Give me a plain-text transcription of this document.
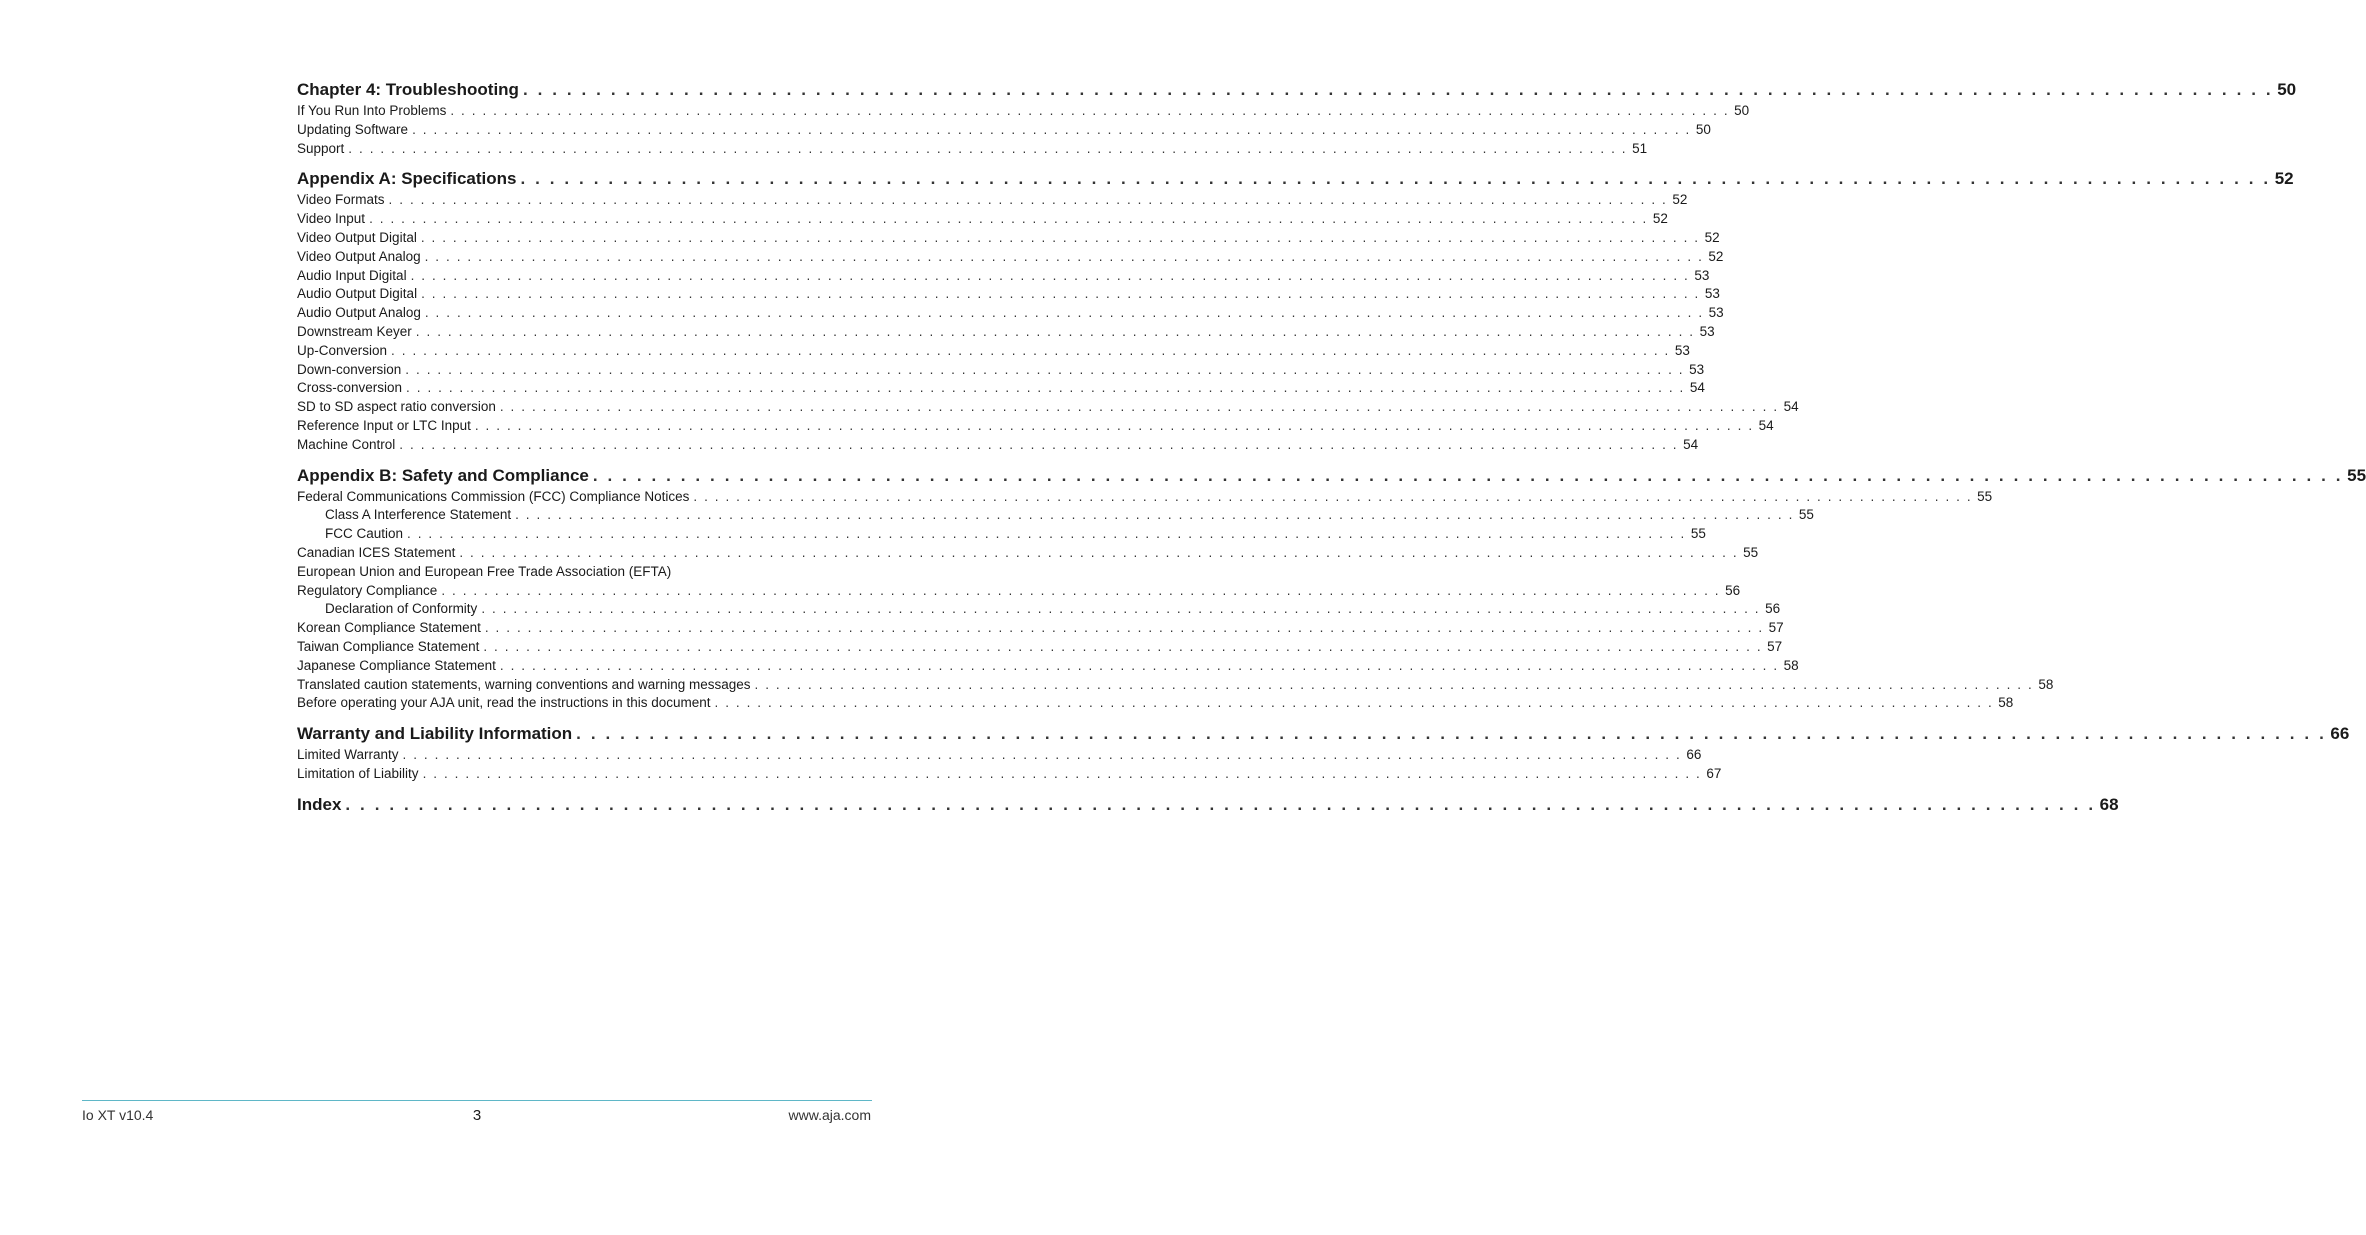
Chapter 4: Troubleshooting . . . . . . . . . . . . . . . . . . . . . . . . . . . . . . . . . . . . . . . . . . . . . . . . . . . . . . . . . . . . . . . . . . . . . . . . . . . . . . . . . . . . . . . . . . . . . . . . . . . . . . . . . . . . . . . . . . . . . . . . 50
If You Run Into Problems . . . . . . . . . . . . . . . . . . . . . . . . . . . . . . . . . . . . . . . . . . . . . . . . . . . . . . . . . . . . . . . . . . . . . . . . . . . . . . . . . . . . . . . . . . . . . . . . . . . . . . . . . . . . . . . . . . . . . . . . 50
Updating Software . . . . . . . . . . . . . . . . . . . . . . . . . . . . . . . . . . . . . . . . . . . . . . . . . . . . . . . . . . . . . . . . . . . . . . . . . . . . . . . . . . . . . . . . . . . . . . . . . . . . . . . . . . . . . . . . . . . . . . . . 50
Support . . . . . . . . . . . . . . . . . . . . . . . . . . . . . . . . . . . . . . . . . . . . . . . . . . . . . . . . . . . . . . . . . . . . . . . . . . . . . . . . . . . . . . . . . . . . . . . . . . . . . . . . . . . . . . . . . . . . . . . . 51
Appendix A: Specifications . . . . . . . . . . . . . . . . . . . . . . . . . . . . . . . . . . . . . . . . . . . . . . . . . . . . . . . . . . . . . . . . . . . . . . . . . . . . . . . . . . . . . . . . . . . . . . . . . . . . . . . . . . . . . . . . . . . . . . . . 52
Video Formats . . . . . . . . . . . . . . . . . . . . . . . . . . . . . . . . . . . . . . . . . . . . . . . . . . . . . . . . . . . . . . . . . . . . . . . . . . . . . . . . . . . . . . . . . . . . . . . . . . . . . . . . . . . . . . . . . . . . . . . . 52
Video Input . . . . . . . . . . . . . . . . . . . . . . . . . . . . . . . . . . . . . . . . . . . . . . . . . . . . . . . . . . . . . . . . . . . . . . . . . . . . . . . . . . . . . . . . . . . . . . . . . . . . . . . . . . . . . . . . . . . . . . . . 52
Video Output Digital . . . . . . . . . . . . . . . . . . . . . . . . . . . . . . . . . . . . . . . . . . . . . . . . . . . . . . . . . . . . . . . . . . . . . . . . . . . . . . . . . . . . . . . . . . . . . . . . . . . . . . . . . . . . . . . . . . . . . . . . 52
Video Output Analog . . . . . . . . . . . . . . . . . . . . . . . . . . . . . . . . . . . . . . . . . . . . . . . . . . . . . . . . . . . . . . . . . . . . . . . . . . . . . . . . . . . . . . . . . . . . . . . . . . . . . . . . . . . . . . . . . . . . . . . . 52
Audio Input Digital . . . . . . . . . . . . . . . . . . . . . . . . . . . . . . . . . . . . . . . . . . . . . . . . . . . . . . . . . . . . . . . . . . . . . . . . . . . . . . . . . . . . . . . . . . . . . . . . . . . . . . . . . . . . . . . . . . . . . . . . 53
Audio Output Digital . . . . . . . . . . . . . . . . . . . . . . . . . . . . . . . . . . . . . . . . . . . . . . . . . . . . . . . . . . . . . . . . . . . . . . . . . . . . . . . . . . . . . . . . . . . . . . . . . . . . . . . . . . . . . . . . . . . . . . . . 53
Audio Output Analog . . . . . . . . . . . . . . . . . . . . . . . . . . . . . . . . . . . . . . . . . . . . . . . . . . . . . . . . . . . . . . . . . . . . . . . . . . . . . . . . . . . . . . . . . . . . . . . . . . . . . . . . . . . . . . . . . . . . . . . . 53
Downstream Keyer . . . . . . . . . . . . . . . . . . . . . . . . . . . . . . . . . . . . . . . . . . . . . . . . . . . . . . . . . . . . . . . . . . . . . . . . . . . . . . . . . . . . . . . . . . . . . . . . . . . . . . . . . . . . . . . . . . . . . . . . 53
Up-Conversion . . . . . . . . . . . . . . . . . . . . . . . . . . . . . . . . . . . . . . . . . . . . . . . . . . . . . . . . . . . . . . . . . . . . . . . . . . . . . . . . . . . . . . . . . . . . . . . . . . . . . . . . . . . . . . . . . . . . . . . . 53
Down-conversion . . . . . . . . . . . . . . . . . . . . . . . . . . . . . . . . . . . . . . . . . . . . . . . . . . . . . . . . . . . . . . . . . . . . . . . . . . . . . . . . . . . . . . . . . . . . . . . . . . . . . . . . . . . . . . . . . . . . . . . . 53
Cross-conversion . . . . . . . . . . . . . . . . . . . . . . . . . . . . . . . . . . . . . . . . . . . . . . . . . . . . . . . . . . . . . . . . . . . . . . . . . . . . . . . . . . . . . . . . . . . . . . . . . . . . . . . . . . . . . . . . . . . . . . . . 54
SD to SD aspect ratio conversion . . . . . . . . . . . . . . . . . . . . . . . . . . . . . . . . . . . . . . . . . . . . . . . . . . . . . . . . . . . . . . . . . . . . . . . . . . . . . . . . . . . . . . . . . . . . . . . . . . . . . . . . . . . . . . . . . . . . . . . . 54
Reference Input or LTC Input . . . . . . . . . . . . . . . . . . . . . . . . . . . . . . . . . . . . . . . . . . . . . . . . . . . . . . . . . . . . . . . . . . . . . . . . . . . . . . . . . . . . . . . . . . . . . . . . . . . . . . . . . . . . . . . . . . . . . . . . 54
Machine Control . . . . . . . . . . . . . . . . . . . . . . . . . . . . . . . . . . . . . . . . . . . . . . . . . . . . . . . . . . . . . . . . . . . . . . . . . . . . . . . . . . . . . . . . . . . . . . . . . . . . . . . . . . . . . . . . . . . . . . . . 54
Appendix B: Safety and Compliance . . . . . . . . . . . . . . . . . . . . . . . . . . . . . . . . . . . . . . . . . . . . . . . . . . . . . . . . . . . . . . . . . . . . . . . . . . . . . . . . . . . . . . . . . . . . . . . . . . . . . . . . . . . . . . . . . . . . . . . . 55
Federal Communications Commission (FCC) Compliance Notices . . . . . . . . . . . . . . . . . . . . . . . . . . . . . . . . . . . . . . . . . . . . . . . . . . . . . . . . . . . . . . . . . . . . . . . . . . . . . . . . . . . . . . . . . . . . . . . . . . . . . . . . . . . . . . . . . . . . . . . . 55
Class A Interference Statement . . . . . . . . . . . . . . . . . . . . . . . . . . . . . . . . . . . . . . . . . . . . . . . . . . . . . . . . . . . . . . . . . . . . . . . . . . . . . . . . . . . . . . . . . . . . . . . . . . . . . . . . . . . . . . . . . . . . . . . . 55
FCC Caution . . . . . . . . . . . . . . . . . . . . . . . . . . . . . . . . . . . . . . . . . . . . . . . . . . . . . . . . . . . . . . . . . . . . . . . . . . . . . . . . . . . . . . . . . . . . . . . . . . . . . . . . . . . . . . . . . . . . . . . . 55
Canadian ICES Statement . . . . . . . . . . . . . . . . . . . . . . . . . . . . . . . . . . . . . . . . . . . . . . . . . . . . . . . . . . . . . . . . . . . . . . . . . . . . . . . . . . . . . . . . . . . . . . . . . . . . . . . . . . . . . . . . . . . . . . . . 55
European Union and European Free Trade Association (EFTA)
Regulatory Compliance . . . . . . . . . . . . . . . . . . . . . . . . . . . . . . . . . . . . . . . . . . . . . . . . . . . . . . . . . . . . . . . . . . . . . . . . . . . . . . . . . . . . . . . . . . . . . . . . . . . . . . . . . . . . . . . . . . . . . . . . 56
Declaration of Conformity . . . . . . . . . . . . . . . . . . . . . . . . . . . . . . . . . . . . . . . . . . . . . . . . . . . . . . . . . . . . . . . . . . . . . . . . . . . . . . . . . . . . . . . . . . . . . . . . . . . . . . . . . . . . . . . . . . . . . . . . 56
Korean Compliance Statement . . . . . . . . . . . . . . . . . . . . . . . . . . . . . . . . . . . . . . . . . . . . . . . . . . . . . . . . . . . . . . . . . . . . . . . . . . . . . . . . . . . . . . . . . . . . . . . . . . . . . . . . . . . . . . . . . . . . . . . . 57
Taiwan Compliance Statement . . . . . . . . . . . . . . . . . . . . . . . . . . . . . . . . . . . . . . . . . . . . . . . . . . . . . . . . . . . . . . . . . . . . . . . . . . . . . . . . . . . . . . . . . . . . . . . . . . . . . . . . . . . . . . . . . . . . . . . . 57
Japanese Compliance Statement . . . . . . . . . . . . . . . . . . . . . . . . . . . . . . . . . . . . . . . . . . . . . . . . . . . . . . . . . . . . . . . . . . . . . . . . . . . . . . . . . . . . . . . . . . . . . . . . . . . . . . . . . . . . . . . . . . . . . . . . 58
Translated caution statements, warning conventions and warning messages . . . . . . . . . . . . . . . . . . . . . . . . . . . . . . . . . . . . . . . . . . . . . . . . . . . . . . . . . . . . . . . . . . . . . . . . . . . . . . . . . . . . . . . . . . . . . . . . . . . . . . . . . . . . . . . . . . . . . . . . 58
Before operating your AJA unit, read the instructions in this document . . . . . . . . . . . . . . . . . . . . . . . . . . . . . . . . . . . . . . . . . . . . . . . . . . . . . . . . . . . . . . . . . . . . . . . . . . . . . . . . . . . . . . . . . . . . . . . . . . . . . . . . . . . . . . . . . . . . . . . . 58
Warranty and Liability Information . . . . . . . . . . . . . . . . . . . . . . . . . . . . . . . . . . . . . . . . . . . . . . . . . . . . . . . . . . . . . . . . . . . . . . . . . . . . . . . . . . . . . . . . . . . . . . . . . . . . . . . . . . . . . . . . . . . . . . . . 66
Limited Warranty . . . . . . . . . . . . . . . . . . . . . . . . . . . . . . . . . . . . . . . . . . . . . . . . . . . . . . . . . . . . . . . . . . . . . . . . . . . . . . . . . . . . . . . . . . . . . . . . . . . . . . . . . . . . . . . . . . . . . . . . 66
Limitation of Liability . . . . . . . . . . . . . . . . . . . . . . . . . . . . . . . . . . . . . . . . . . . . . . . . . . . . . . . . . . . . . . . . . . . . . . . . . . . . . . . . . . . . . . . . . . . . . . . . . . . . . . . . . . . . . . . . . . . . . . . . 67
Index . . . . . . . . . . . . . . . . . . . . . . . . . . . . . . . . . . . . . . . . . . . . . . . . . . . . . . . . . . . . . . . . . . . . . . . . . . . . . . . . . . . . . . . . . . . . . . . . . . . . . . . . . . . . . . . . . . . . . . . . 68
Io XT v10.4	3	www.aja.com
